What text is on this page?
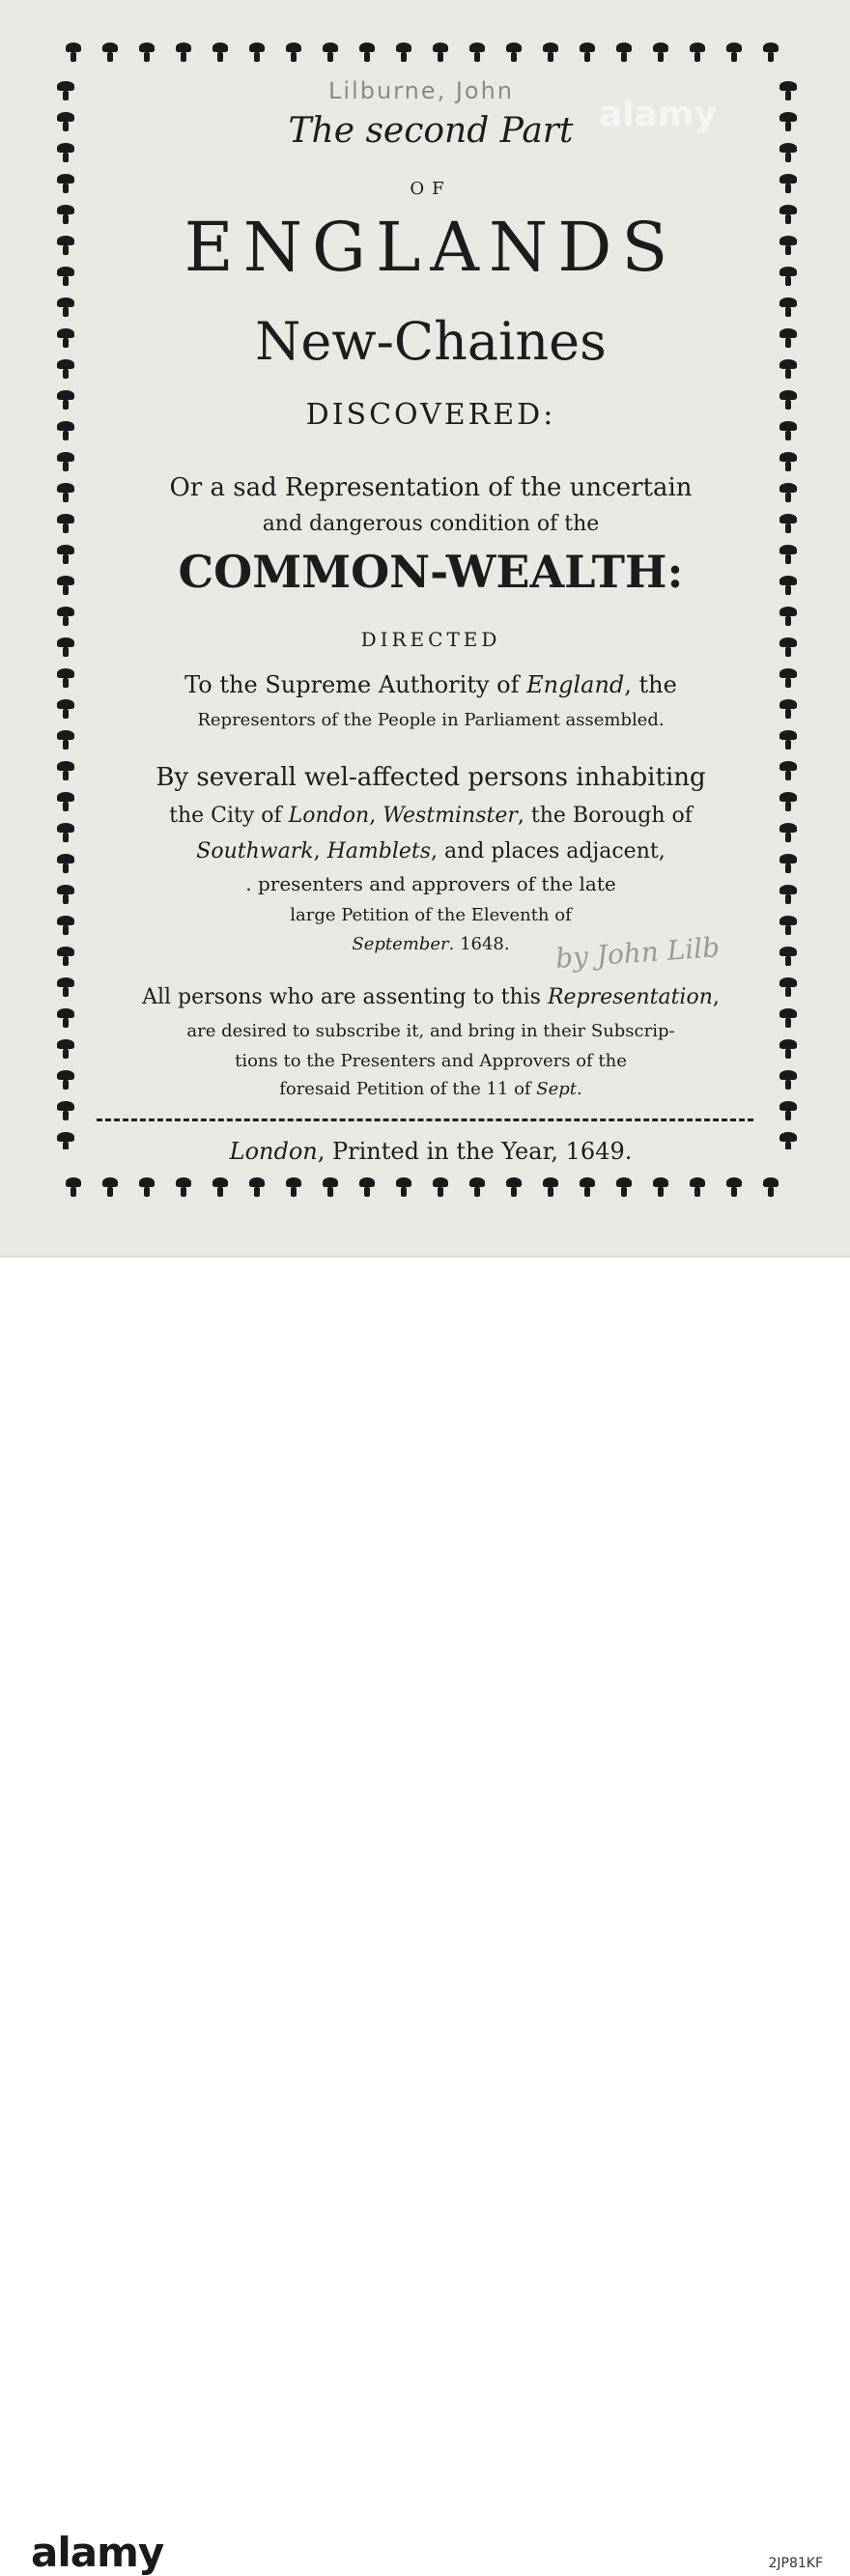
Lilburne, John
alamy

The second Part

OF

ENGLANDS

New-Chaines

DISCOVERED:

Or a sad Representation of the uncertain

and dangerous condition of the

COMMON-WEALTH:

DIRECTED

To the Supreme Authority of England, the

Representors of the People in Parliament assembled.

By severall wel-affected persons inhabiting

the City of London, Westminster, the Borough of

Southwark, Hamblets, and places adjacent,

. presenters and approvers of the late

large Petition of the Eleventh of

September. 1648.	by John Lilb

All persons who are assenting to this Representation,

are desired to subscribe it, and bring in their Subscrip-

tions to the Presenters and Approvers of the

foresaid Petition of the 11 of Sept.

London, Printed in the Year, 1649.

alamy	2JP81KF
